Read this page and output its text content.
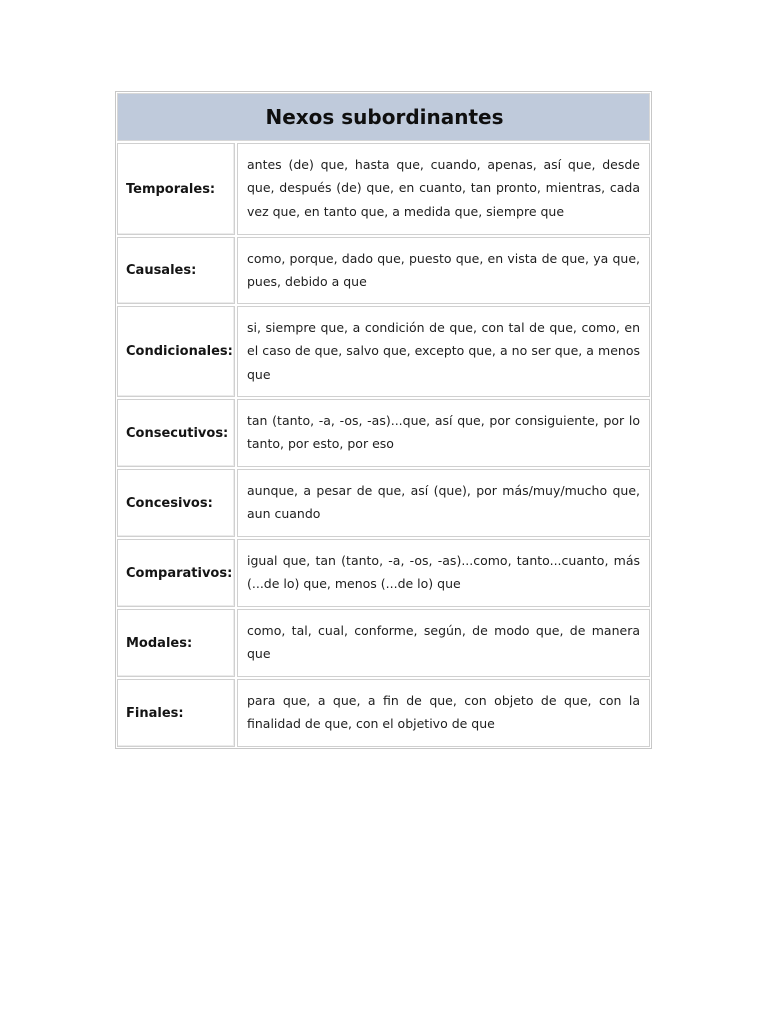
Nexos subordinantes
Temporales:
antes (de) que, hasta que, cuando, apenas, así que, desde que, después (de) que, en cuanto, tan pronto, mientras, cada vez que, en tanto que, a medida que, siempre que
Causales:
como, porque, dado que, puesto que, en vista de que, ya que, pues, debido a que
Condicionales:
si, siempre que, a condición de que, con tal de que, como, en el caso de que, salvo que, excepto que, a no ser que, a menos que
Consecutivos:
tan (tanto, -a, -os, -as)...que, así que, por consiguiente, por lo tanto, por esto, por eso
Concesivos:
aunque, a pesar de que, así (que), por más/muy/mucho que, aun cuando
Comparativos:
igual que, tan (tanto, -a, -os, -as)...como, tanto...cuanto, más (...de lo) que, menos (...de lo) que
Modales:
como, tal, cual, conforme, según, de modo que, de manera que
Finales:
para que, a que, a fin de que, con objeto de que, con la finalidad de que, con el objetivo de que
